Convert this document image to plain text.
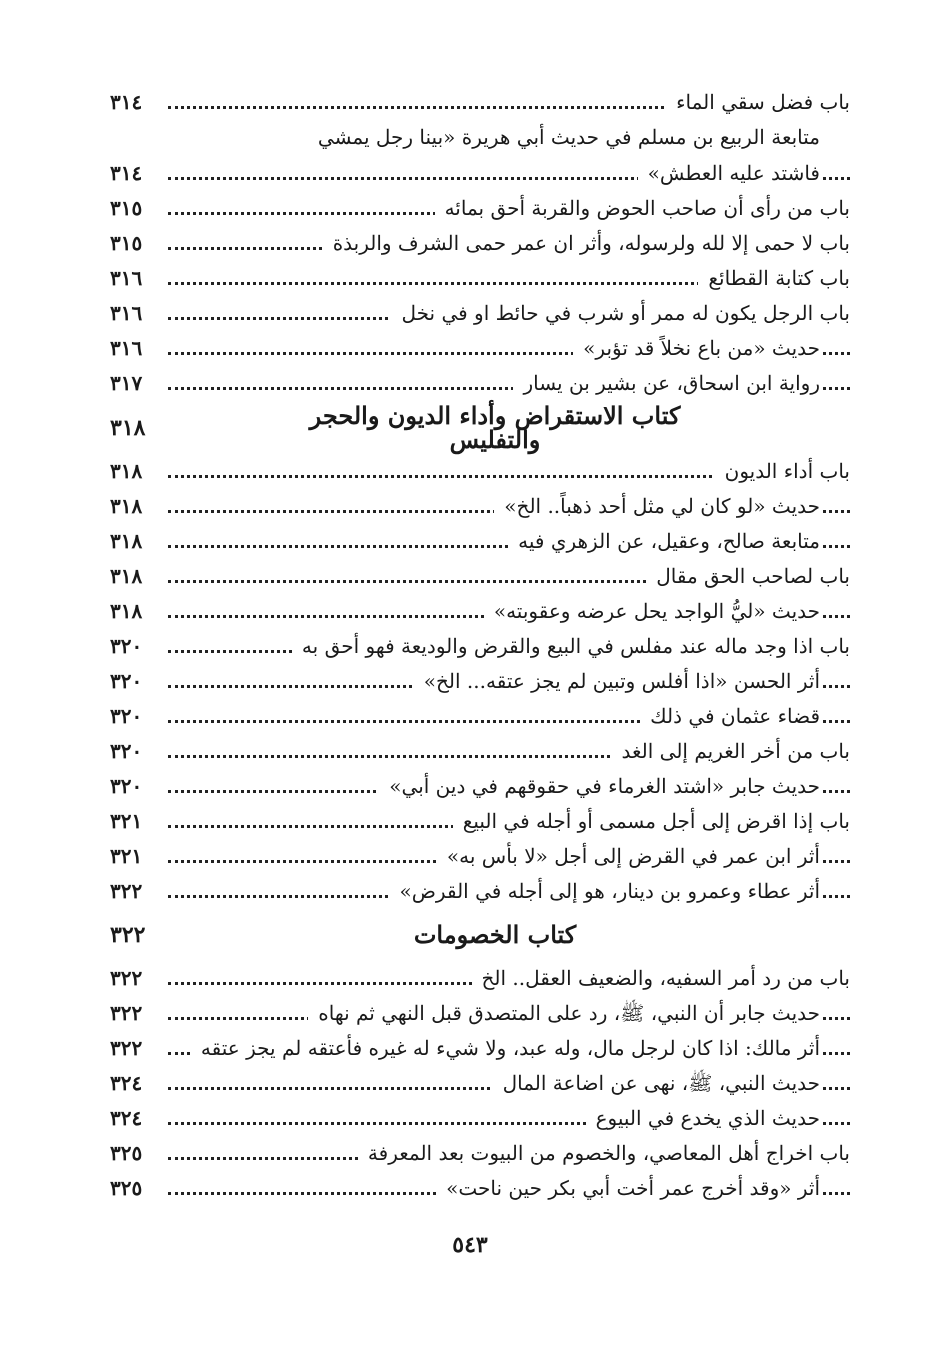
باب فضل سقي الماء
٣١٤
متابعة الربيع بن مسلم في حديث أبي هريرة «بينا رجل يمشي
فاشتد عليه العطش»
٣١٤
باب من رأى أن صاحب الحوض والقربة أحق بمائه
٣١٥
باب لا حمى إلا لله ولرسوله، وأثر ان عمر حمى الشرف والربذة
٣١٥
باب كتابة القطائع
٣١٦
باب الرجل يكون له ممر أو شرب في حائط او في نخل
٣١٦
حديث «من باع نخلاً قد تؤبر»
٣١٦
رواية ابن اسحاق، عن بشير بن يسار
٣١٧
كتاب الاستقراض وأداء الديون والحجر والتفليس
٣١٨
باب أداء الديون
٣١٨
حديث «لو كان لي مثل أحد ذهباً.. الخ»
٣١٨
متابعة صالح، وعقيل، عن الزهري فيه
٣١٨
باب لصاحب الحق مقال
٣١٨
حديث «ليُّ الواجد يحل عرضه وعقوبته»
٣١٨
باب اذا وجد ماله عند مفلس في البيع والقرض والوديعة فهو أحق به
٣٢٠
أثر الحسن «اذا أفلس وتبين لم يجز عتقه... الخ»
٣٢٠
قضاء عثمان في ذلك
٣٢٠
باب من أخر الغريم إلى الغد
٣٢٠
حديث جابر «اشتد الغرماء في حقوقهم في دين أبي»
٣٢٠
باب إذا اقرض إلى أجل مسمى أو أجله في البيع
٣٢١
أثر ابن عمر في القرض إلى أجل «لا بأس به»
٣٢١
أثر عطاء وعمرو بن دينار، هو إلى أجله في القرض»
٣٢٢
كتاب الخصومات
٣٢٢
باب من رد أمر السفيه، والضعيف العقل.. الخ
٣٢٢
حديث جابر أن النبي، ﷺ، رد على المتصدق قبل النهي ثم نهاه
٣٢٢
أثر مالك: اذا كان لرجل مال، وله عبد، ولا شيء له غيره فأعتقه لم يجز عتقه
٣٢٢
حديث النبي، ﷺ، نهى عن اضاعة المال
٣٢٤
حديث الذي يخدع في البيوع
٣٢٤
باب اخراج أهل المعاصي، والخصوم من البيوت بعد المعرفة
٣٢٥
أثر «وقد أخرج عمر أخت أبي بكر حين ناحت»
٣٢٥
٥٤٣
